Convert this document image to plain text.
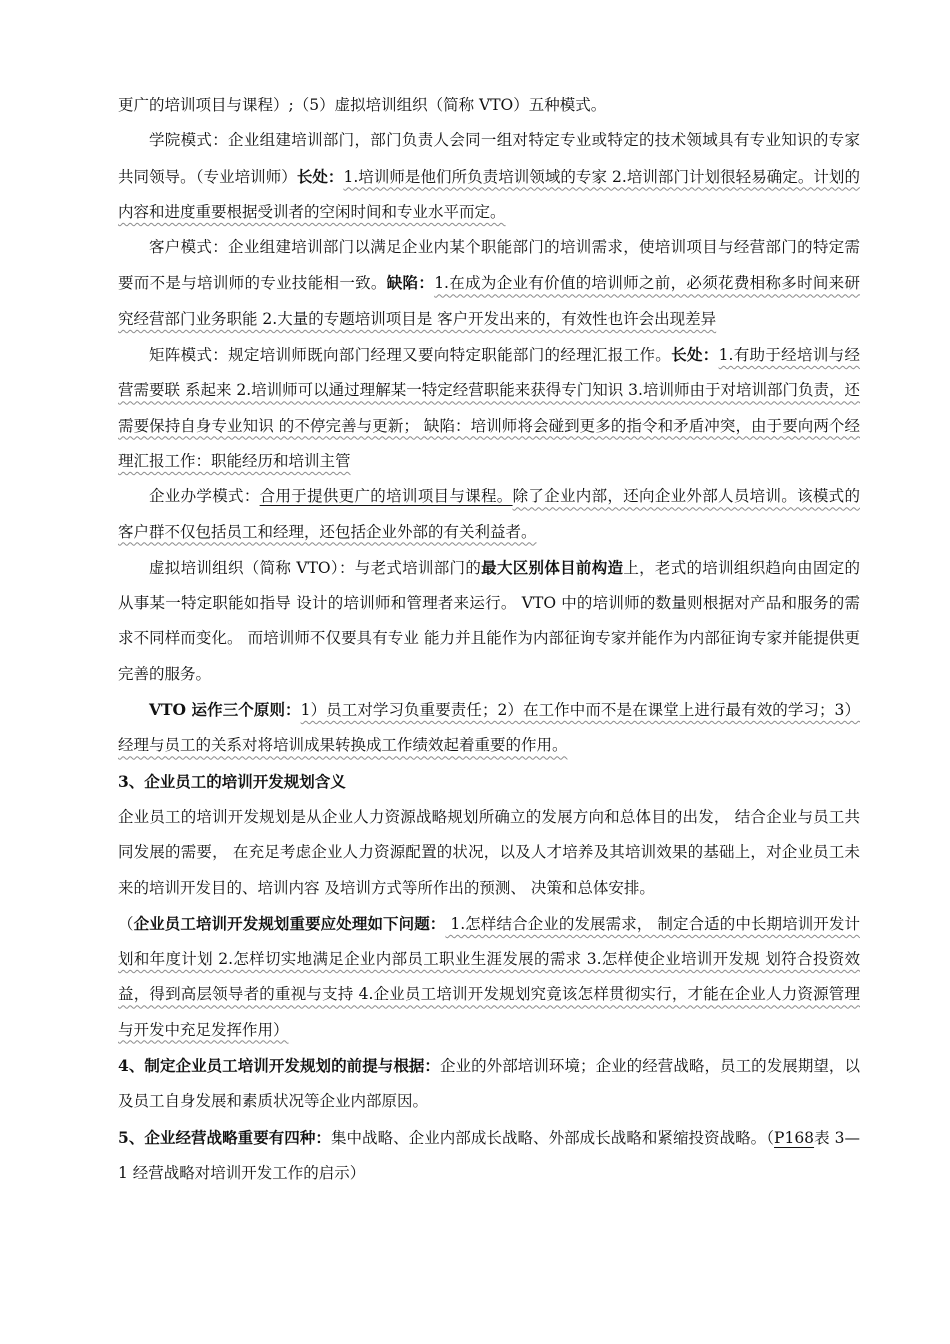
更广的培训项目与课程）;（5）虚拟培训组织（简称 VTO）五种模式。

学院模式：企业组建培训部门，部门负责人会同一组对特定专业或特定的技术领域具有专业知识的专家共同领导。（专业培训师）长处：1.培训师是他们所负责培训领域的专家 2.培训部门计划很轻易确定。计划的内容和进度重要根据受训者的空闲时间和专业水平而定。

客户模式：企业组建培训部门以满足企业内某个职能部门的培训需求，使培训项目与经营部门的特定需要而不是与培训师的专业技能相一致。缺陷：1.在成为企业有价值的培训师之前，必须花费相称多时间来研究经营部门业务职能 2.大量的专题培训项目是 客户开发出来的，有效性也许会出现差异

矩阵模式：规定培训师既向部门经理又要向特定职能部门的经理汇报工作。长处：1.有助于经培训与经营需要联 系起来 2.培训师可以通过理解某一特定经营职能来获得专门知识 3.培训师由于对培训部门负责，还需要保持自身专业知识 的不停完善与更新； 缺陷：培训师将会碰到更多的指令和矛盾冲突，由于要向两个经理汇报工作：职能经历和培训主管

企业办学模式：合用于提供更广的培训项目与课程。除了企业内部，还向企业外部人员培训。该模式的客户群不仅包括员工和经理，还包括企业外部的有关利益者。

虚拟培训组织（简称 VTO）：与老式培训部门的最大区别体目前构造上，老式的培训组织趋向由固定的从事某一特定职能如指导 设计的培训师和管理者来运行。 VTO 中的培训师的数量则根据对产品和服务的需求不同样而变化。 而培训师不仅要具有专业 能力并且能作为内部征询专家并能作为内部征询专家并能提供更完善的服务。

VTO 运作三个原则：1）员工对学习负重要责任；2）在工作中而不是在课堂上进行最有效的学习；3）经理与员工的关系对将培训成果转换成工作绩效起着重要的作用。

3、企业员工的培训开发规划含义

企业员工的培训开发规划是从企业人力资源战略规划所确立的发展方向和总体目的出发， 结合企业与员工共同发展的需要， 在充足考虑企业人力资源配置的状况，以及人才培养及其培训效果的基础上，对企业员工未来的培训开发目的、培训内容 及培训方式等所作出的预测、 决策和总体安排。

（企业员工培训开发规划重要应处理如下问题： 1.怎样结合企业的发展需求， 制定合适的中长期培训开发计划和年度计划 2.怎样切实地满足企业内部员工职业生涯发展的需求 3.怎样使企业培训开发规 划符合投资效益，得到高层领导者的重视与支持 4.企业员工培训开发规划究竟该怎样贯彻实行，才能在企业人力资源管理 与开发中充足发挥作用）

4、制定企业员工培训开发规划的前提与根据：企业的外部培训环境；企业的经营战略，员工的发展期望，以及员工自身发展和素质状况等企业内部原因。

5、企业经营战略重要有四种：集中战略、企业内部成长战略、外部成长战略和紧缩投资战略。（P168表 3—1 经营战略对培训开发工作的启示）
